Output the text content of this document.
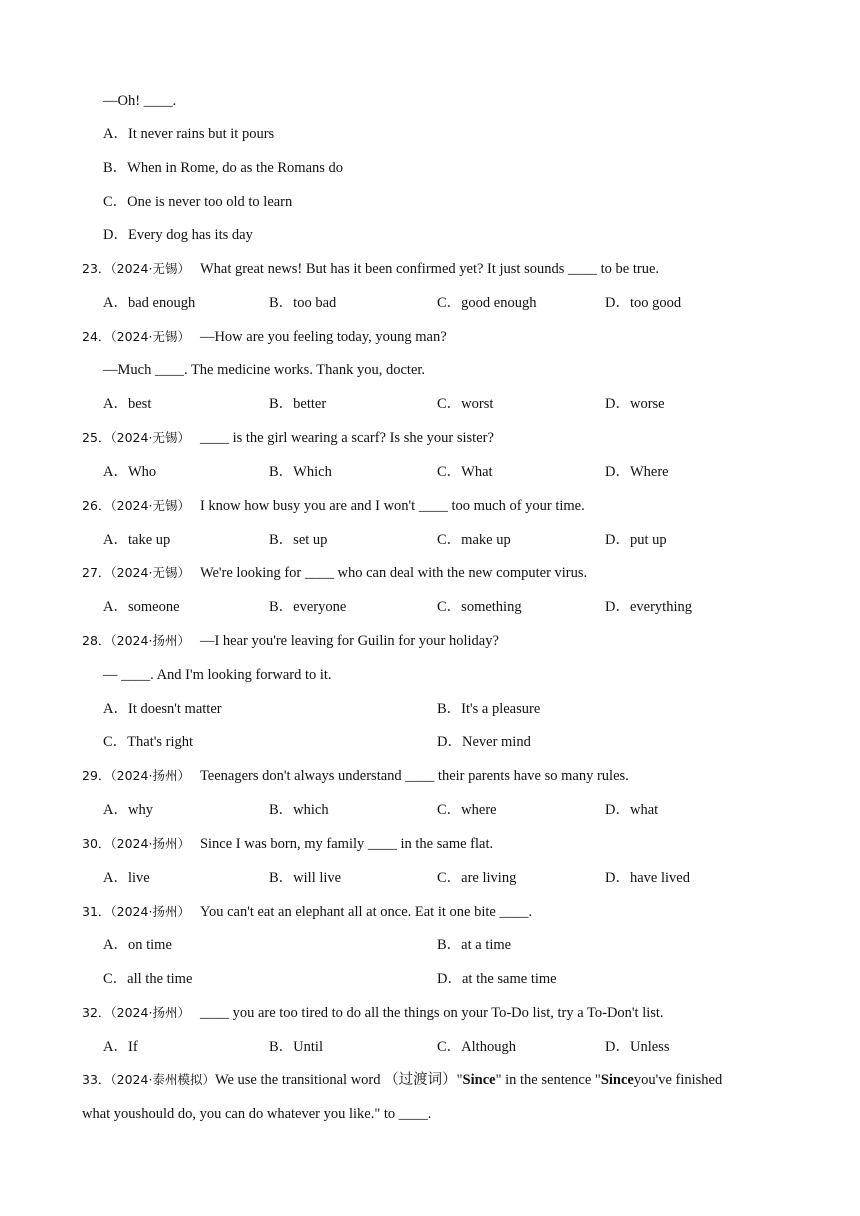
—Oh! ____.
A．It never rains but it pours
B．When in Rome, do as the Romans do
C．One is never too old to learn
D．Every dog has its day
23．（2024·无锡） What great news! But has it been confirmed yet? It just sounds ____ to be true.
A．bad enough	B．too bad	C．good enough	D．too good
24．（2024·无锡） —How are you feeling today, young man?
—Much ____. The medicine works. Thank you, docter.
A．best	B．better	C．worst	D．worse
25．（2024·无锡） ____ is the girl wearing a scarf? Is she your sister?
A．Who	B．Which	C．What	D．Where
26．（2024·无锡） I know how busy you are and I won't ____ too much of your time.
A．take up	B．set up	C．make up	D．put up
27．（2024·无锡） We're looking for ____ who can deal with the new computer virus.
A．someone	B．everyone	C．something	D．everything
28．（2024·扬州） —I hear you're leaving for Guilin for your holiday?
— ____. And I'm looking forward to it.
A．It doesn't matter	B．It's a pleasure
C．That's right	D．Never mind
29．（2024·扬州） Teenagers don't always understand ____ their parents have so many rules.
A．why	B．which	C．where	D．what
30．（2024·扬州） Since I was born, my family ____ in the same flat.
A．live	B．will live	C．are living	D．have lived
31．（2024·扬州） You can't eat an elephant all at once. Eat it one bite ____.
A．on time	B．at a time
C．all the time	D．at the same time
32．（2024·扬州） ____ you are too tired to do all the things on your To-Do list, try a To-Don't list.
A．If	B．Until	C．Although	D．Unless
33．（2024·泰州模拟）We use the transitional word （过渡词）"Since" in the sentence "Sinceyou've finished
what youshould do, you can do whatever you like." to ____.
